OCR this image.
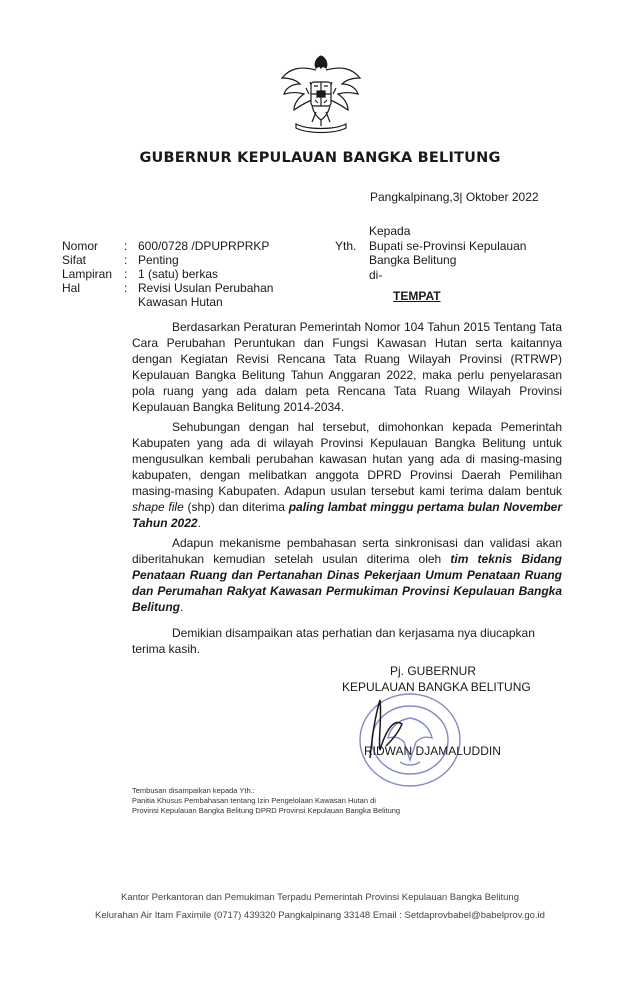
GUBERNUR KEPULAUAN BANGKA BELITUNG
Pangkalpinang,3| Oktober 2022
Kepada
Bupati se-Provinsi Kepulauan
Bangka Belitung
di-
Yth.
TEMPAT
Nomor	: 600/0728 /DPUPRPRKP
Sifat	: Penting
Lampiran : 1 (satu) berkas
Hal	: Revisi Usulan Perubahan
Kawasan Hutan

Berdasarkan Peraturan Pemerintah Nomor 104 Tahun 2015 Tentang Tata Cara Perubahan Peruntukan dan Fungsi Kawasan Hutan serta kaitannya dengan Kegiatan Revisi Rencana Tata Ruang Wilayah Provinsi (RTRWP) Kepulauan Bangka Belitung Tahun Anggaran 2022, maka perlu penyelarasan pola ruang yang ada dalam peta Rencana Tata Ruang Wilayah Provinsi Kepulauan Bangka Belitung 2014-2034.

Sehubungan dengan hal tersebut, dimohonkan kepada Pemerintah Kabupaten yang ada di wilayah Provinsi Kepulauan Bangka Belitung untuk mengusulkan kembali perubahan kawasan hutan yang ada di masing-masing kabupaten, dengan melibatkan anggota DPRD Provinsi Daerah Pemilihan masing-masing Kabupaten. Adapun usulan tersebut kami terima dalam bentuk shape file (shp) dan diterima paling lambat minggu pertama bulan November Tahun 2022.

Adapun mekanisme pembahasan serta sinkronisasi dan validasi akan diberitahukan kemudian setelah usulan diterima oleh tim teknis Bidang Penataan Ruang dan Pertanahan Dinas Pekerjaan Umum Penataan Ruang dan Perumahan Rakyat Kawasan Permukiman Provinsi Kepulauan Bangka Belitung.

Demikian disampaikan atas perhatian dan kerjasama nya diucapkan terima kasih.
Pj. GUBERNUR
KEPULAUAN BANGKA BELITUNG
RIDWAN DJAMALUDDIN
Tembusan disampaikan kepada Yth.:
Panitia Khusus Pembahasan tentang Izin Pengelolaan Kawasan Hutan di
Provinsi Kepulauan Bangka Belitung DPRD Provinsi Kepulauan Bangka Belitung
Kantor Perkantoran dan Pemukiman Terpadu Pemerintah Provinsi Kepulauan Bangka Belitung
Kelurahan Air Itam Faximile (0717) 439320 Pangkalpinang 33148 Email : Setdaprovbabel@babelprov.go.id
